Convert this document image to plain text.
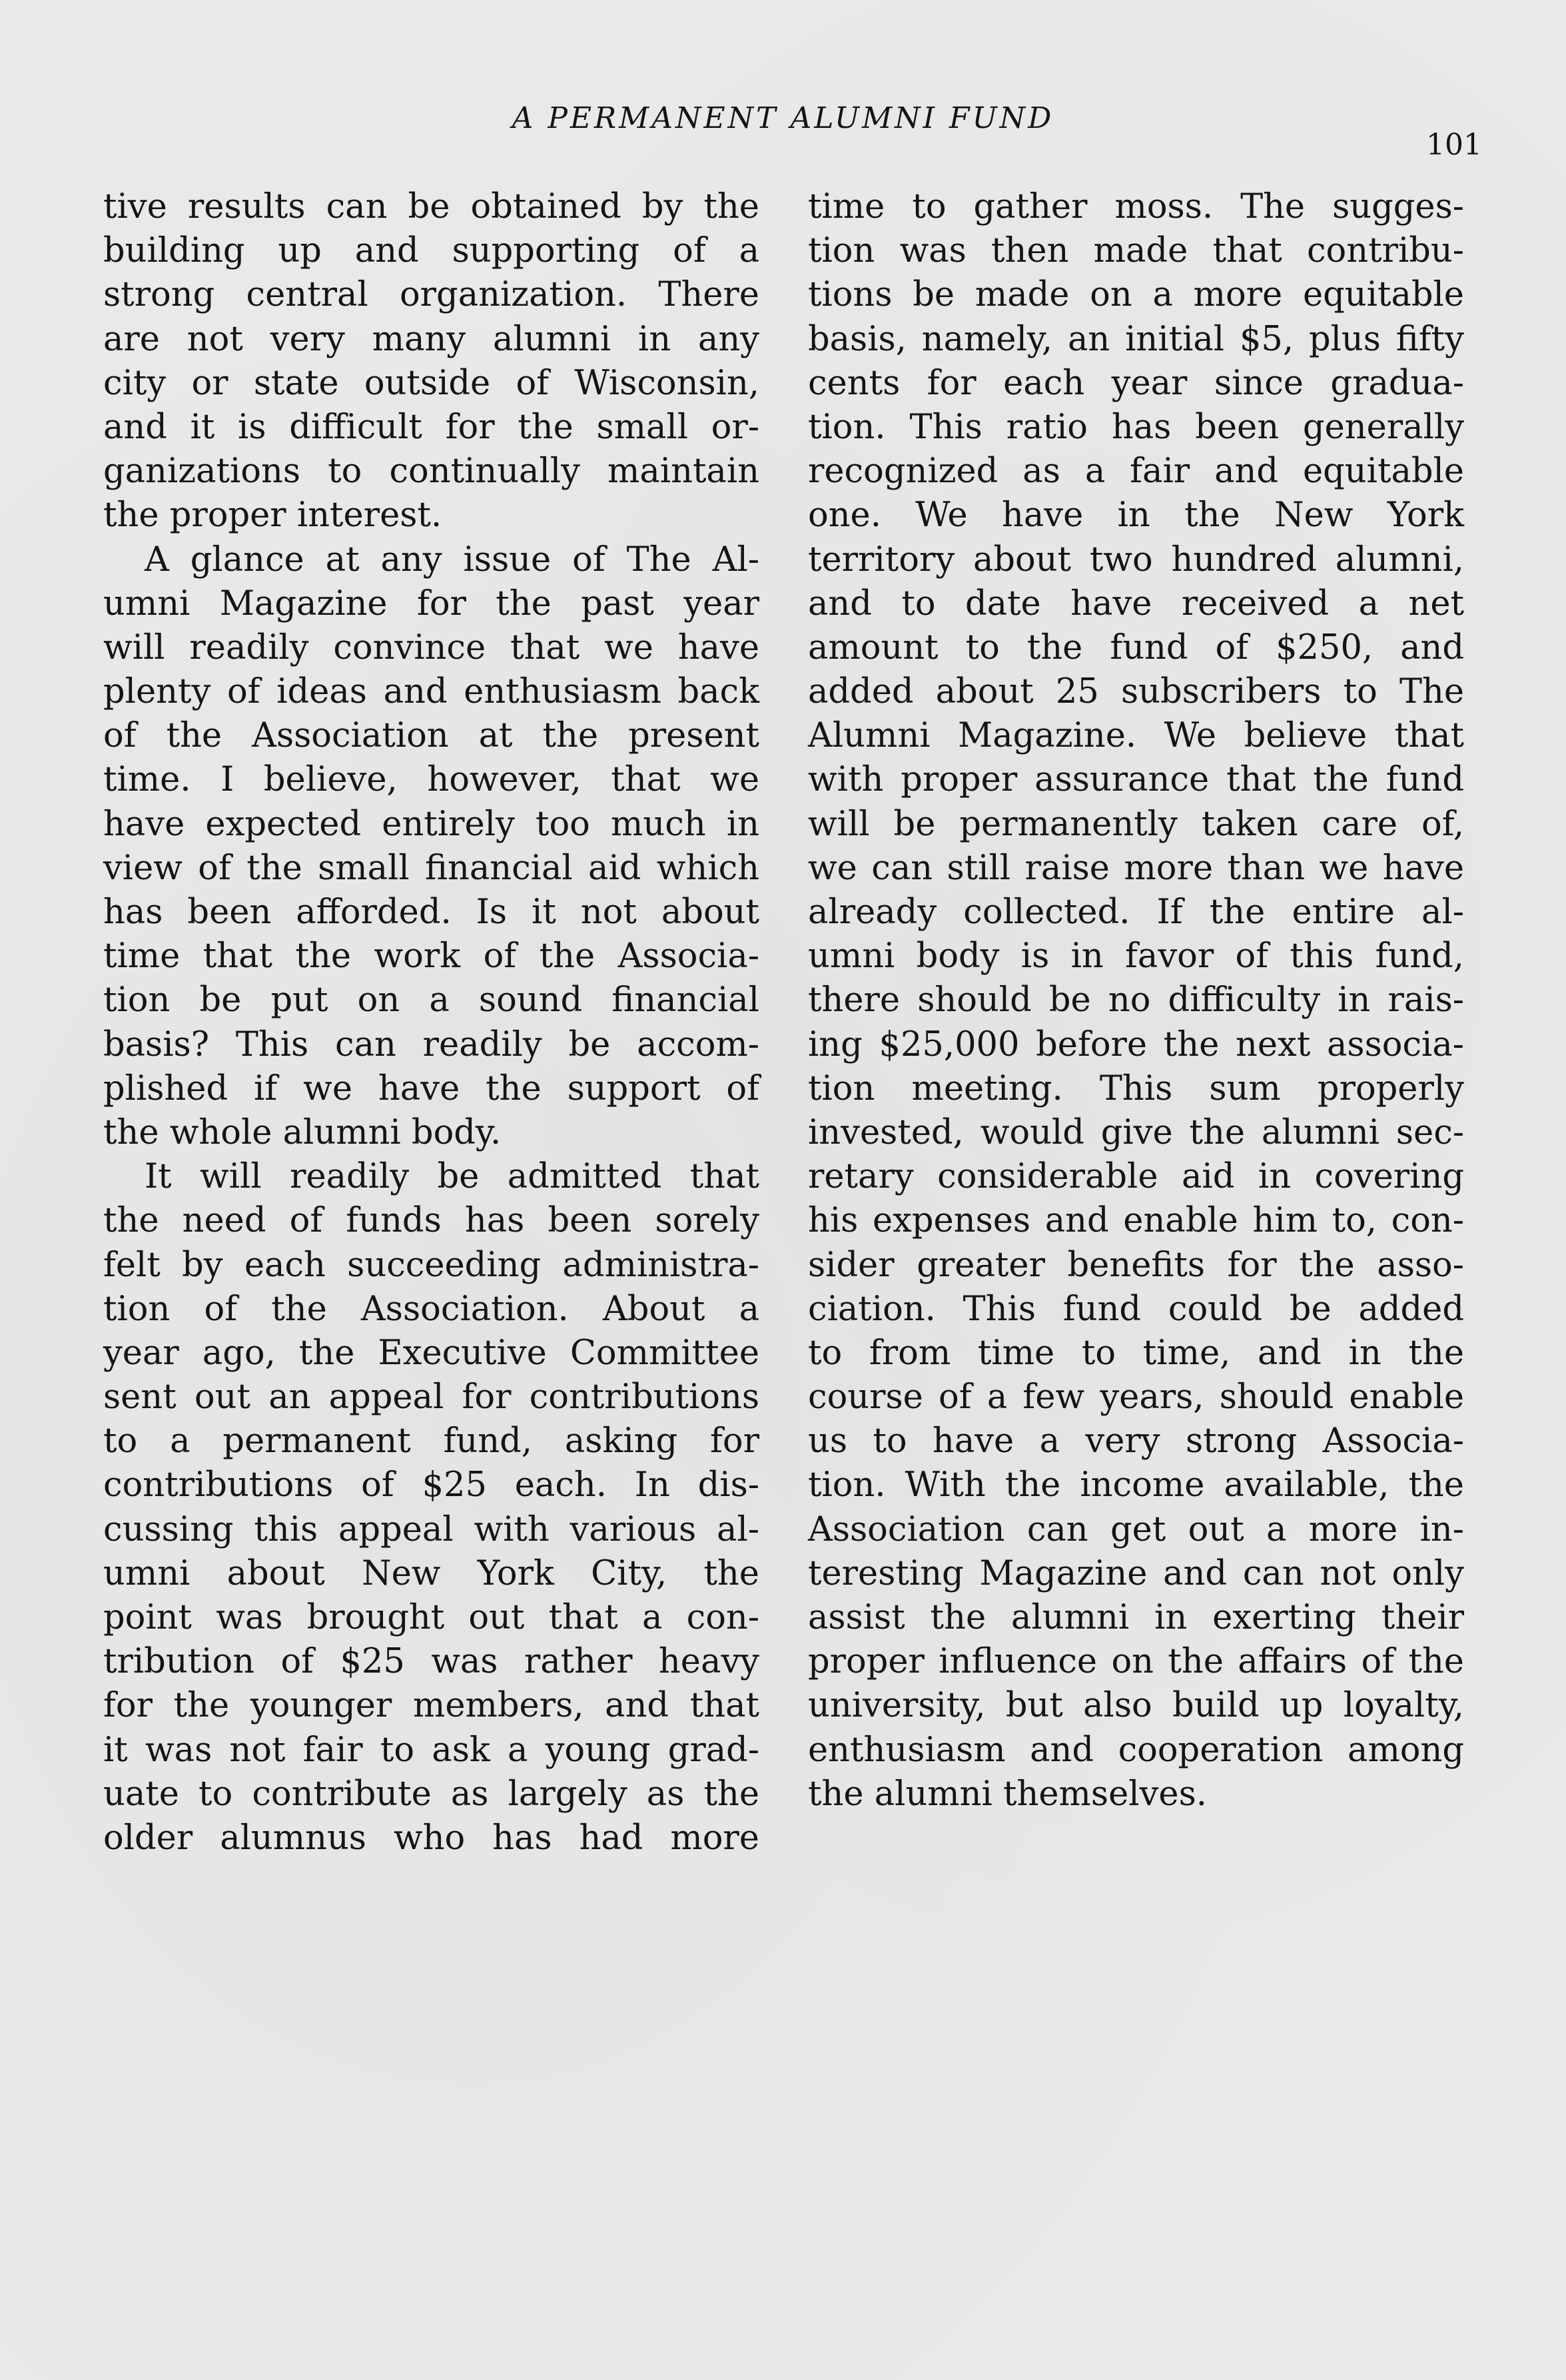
A PERMANENT ALUMNI FUND
101
tive results can be obtained by the
building up and supporting of a
strong central organization. There
are not very many alumni in any
city or state outside of Wisconsin,
and it is difficult for the small or-
ganizations to continually maintain
the proper interest.
A glance at any issue of The Al-
umni Magazine for the past year
will readily convince that we have
plenty of ideas and enthusiasm back
of the Association at the present
time. I believe, however, that we
have expected entirely too much in
view of the small financial aid which
has been afforded. Is it not about
time that the work of the Associa-
tion be put on a sound financial
basis? This can readily be accom-
plished if we have the support of
the whole alumni body.
It will readily be admitted that
the need of funds has been sorely
felt by each succeeding administra-
tion of the Association. About a
year ago, the Executive Committee
sent out an appeal for contributions
to a permanent fund, asking for
contributions of $25 each. In dis-
cussing this appeal with various al-
umni about New York City, the
point was brought out that a con-
tribution of $25 was rather heavy
for the younger members, and that
it was not fair to ask a young grad-
uate to contribute as largely as the
older alumnus who has had more
time to gather moss. The sugges-
tion was then made that contribu-
tions be made on a more equitable
basis, namely, an initial $5, plus fifty
cents for each year since gradua-
tion. This ratio has been generally
recognized as a fair and equitable
one. We have in the New York
territory about two hundred alumni,
and to date have received a net
amount to the fund of $250, and
added about 25 subscribers to The
Alumni Magazine. We believe that
with proper assurance that the fund
will be permanently taken care of,
we can still raise more than we have
already collected. If the entire al-
umni body is in favor of this fund,
there should be no difficulty in rais-
ing $25,000 before the next associa-
tion meeting. This sum properly
invested, would give the alumni sec-
retary considerable aid in covering
his expenses and enable him to, con-
sider greater benefits for the asso-
ciation. This fund could be added
to from time to time, and in the
course of a few years, should enable
us to have a very strong Associa-
tion. With the income available, the
Association can get out a more in-
teresting Magazine and can not only
assist the alumni in exerting their
proper influence on the affairs of the
university, but also build up loyalty,
enthusiasm and cooperation among
the alumni themselves.
